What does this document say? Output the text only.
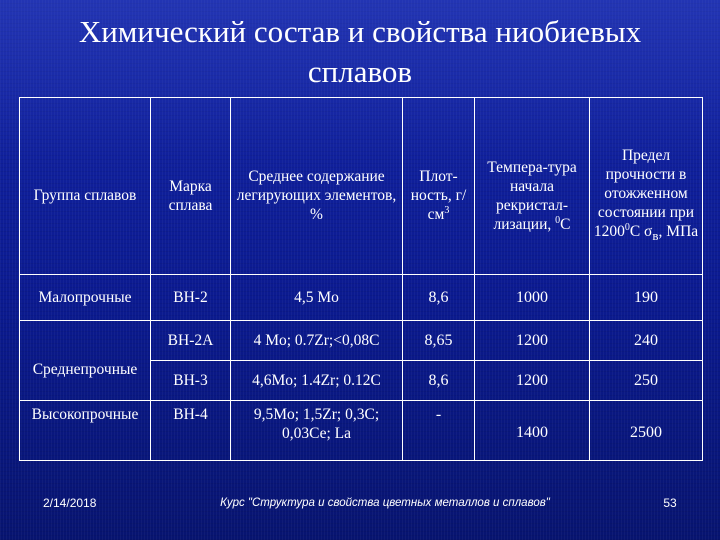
Химический состав и свойства ниобиевых
сплавов
Группа сплавов	Марка сплава	Среднее содержание легирующих элементов, %	Плот-ность, $г/см^3$	Темпера-тура начала рекристал-лизации, $^0$С	Предел прочности в отожженном состоянии при 1200$^0$С $\sigma_в$, МПа
Малопрочные	ВН-2	4,5 Mo	8,6	1000	190
Среднепрочные	ВН-2А	4 Mo; 0.7Zr;<0,08С	8,65	1200	240
	ВН-3	4,6Mo; 1.4Zr; 0.12С	8,6	1200	250
Высокопрочные	ВН-4	9,5Mo; 1,5Zr; 0,3С; 0,03Се; La	-	1400	2500
2/14/2018	Курс "Структура и свойства цветных металлов и сплавов"	53
